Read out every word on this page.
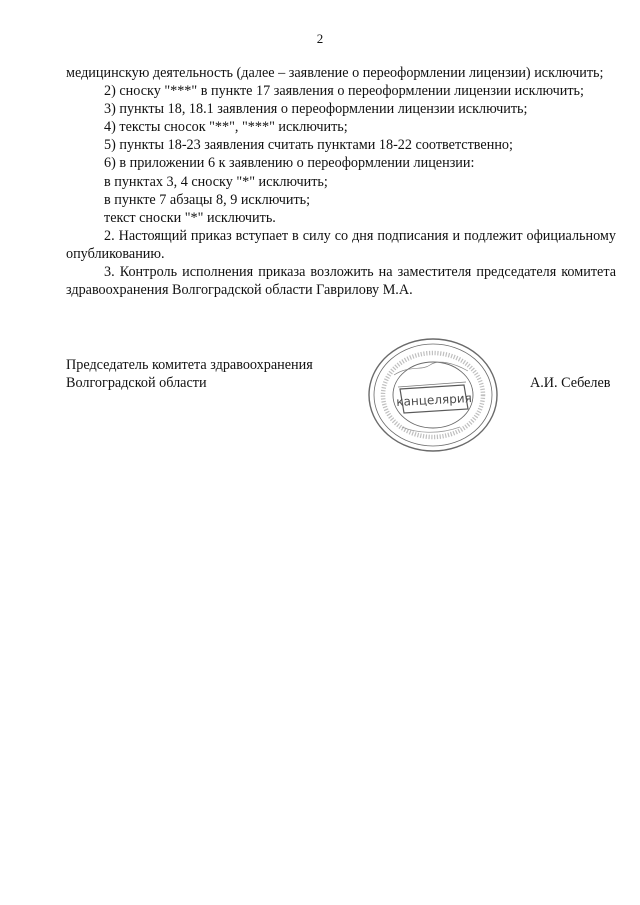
2

медицинскую деятельность (далее – заявление о переоформлении лицензии) исключить;

2) сноску "***" в пункте 17 заявления о переоформлении лицензии исключить;

3) пункты 18, 18.1 заявления о переоформлении лицензии исключить;

4) тексты сносок "**", "***" исключить;

5) пункты 18-23 заявления считать пунктами 18-22 соответственно;

6) в приложении 6 к заявлению о переоформлении лицензии:

в пунктах 3, 4 сноску "*" исключить;

в пункте 7 абзацы 8, 9 исключить;

текст сноски "*" исключить.

2. Настоящий приказ вступает в силу со дня подписания и подлежит официальному опубликованию.

3. Контроль исполнения приказа возложить на заместителя председателя комитета здравоохранения Волгоградской области Гаврилову М.А.

Председатель комитета здравоохранения
Волгоградской области	А.И. Себелев
канцелярия
